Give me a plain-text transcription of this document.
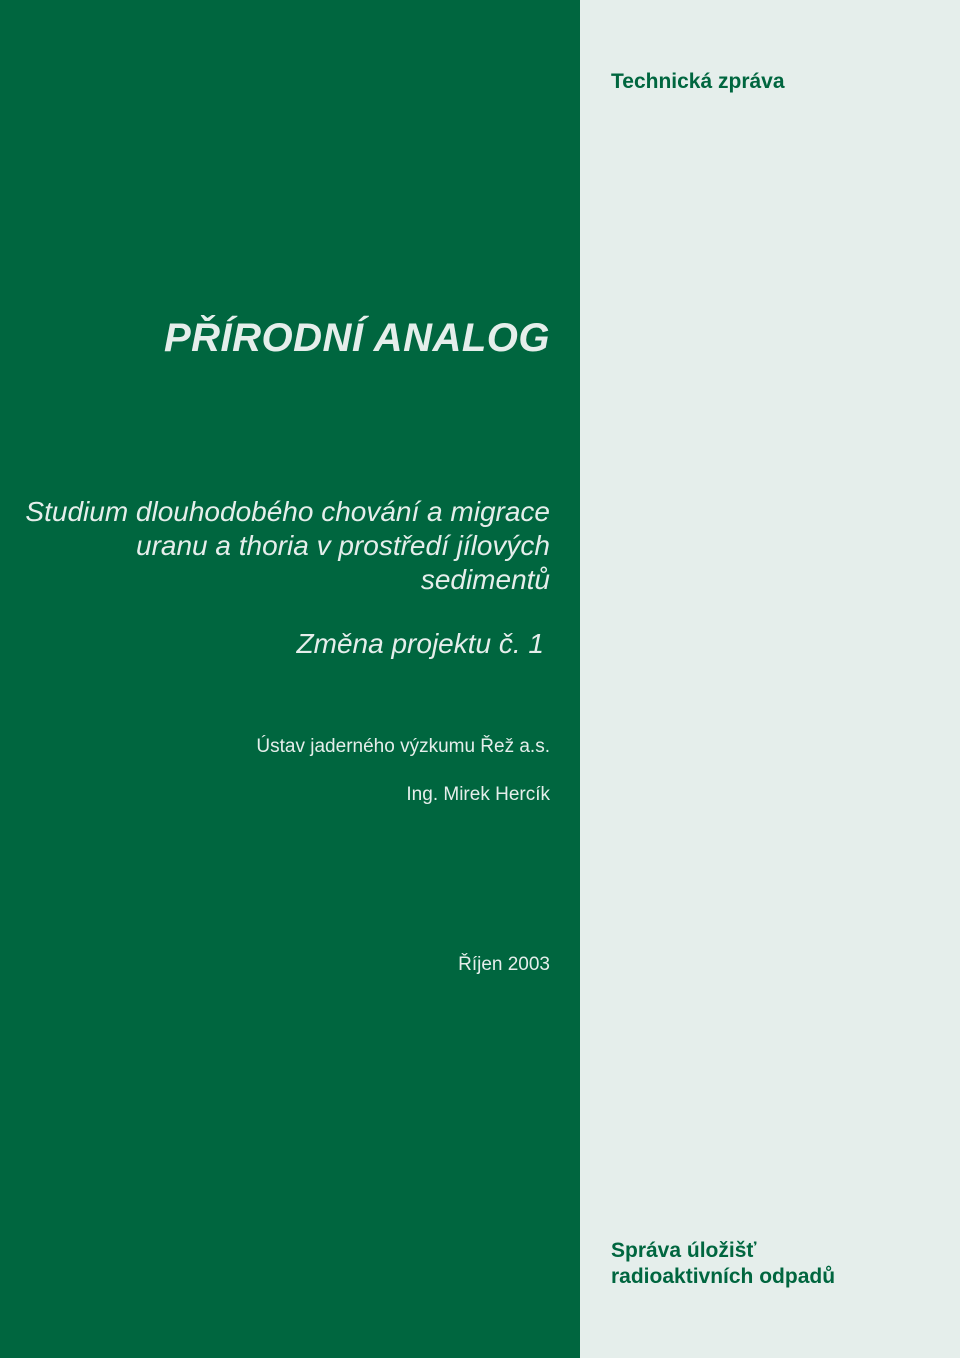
PŘÍRODNÍ ANALOG
Studium dlouhodobého chování a migrace
uranu a thoria v prostředí jílových
sedimentů
Změna projektu č. 1
Ústav jaderného výzkumu Řež a.s.
Ing. Mirek Hercík
Říjen 2003

Technická zpráva

Správa úložišť
radioaktivních odpadů
